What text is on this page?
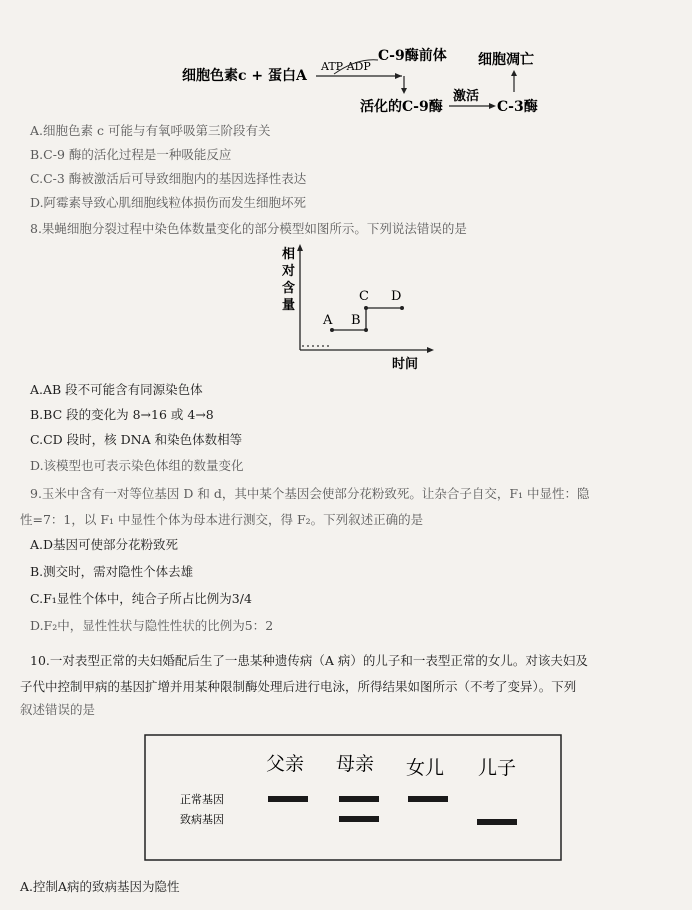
细胞色素c + 蛋白A
ATP ADP
C-9酶前体
活化的C-9酶
激活
C-3酶
细胞凋亡
A.细胞色素 c 可能与有氧呼吸第三阶段有关
B.C-9 酶的活化过程是一种吸能反应
C.C-3 酶被激活后可导致细胞内的基因选择性表达
D.阿霉素导致心肌细胞线粒体损伤而发生细胞坏死
8.果蝇细胞分裂过程中染色体数量变化的部分模型如图所示。下列说法错误的是
相
对
含
量
A B
C D
时间
A.AB 段不可能含有同源染色体
B.BC 段的变化为 8→16 或 4→8
C.CD 段时，核 DNA 和染色体数相等
D.该模型也可表示染色体组的数量变化
9.玉米中含有一对等位基因 D 和 d，其中某个基因会使部分花粉致死。让杂合子自交，F₁ 中显性：隐
性=7：1，以 F₁ 中显性个体为母本进行测交，得 F₂。下列叙述正确的是
A.D基因可使部分花粉致死
B.测交时，需对隐性个体去雄
C.F₁显性个体中，纯合子所占比例为3/4
D.F₂中，显性性状与隐性性状的比例为5：2
10.一对表型正常的夫妇婚配后生了一患某种遗传病（A 病）的儿子和一表型正常的女儿。对该夫妇及
子代中控制甲病的基因扩增并用某种限制酶处理后进行电泳，所得结果如图所示（不考了变异）。下列
叙述错误的是
父亲 母亲 女儿 儿子
正常基因
致病基因
A.控制A病的致病基因为隐性
